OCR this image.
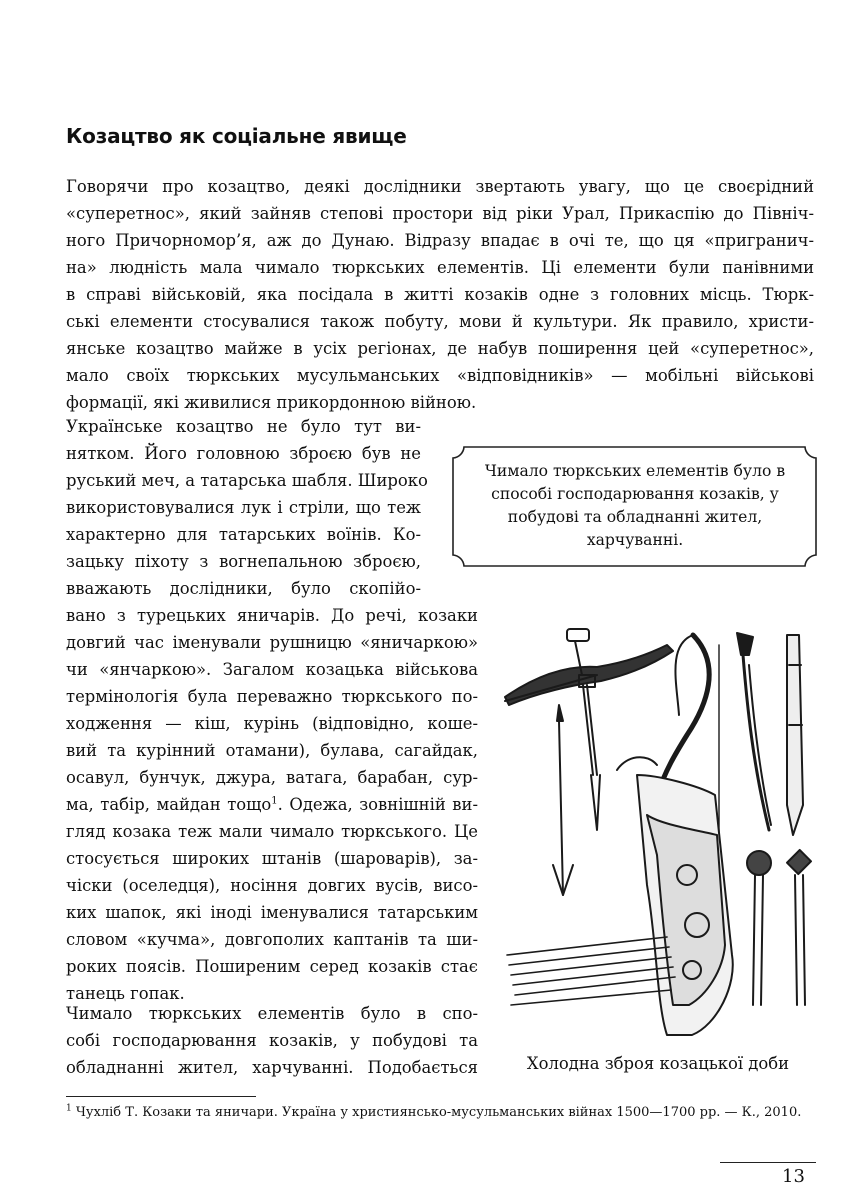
Козацтво як соціальне явище
Говорячи про козацтво, деякі дослідники звертають увагу, що це своєрідний
«суперетнос», який зайняв степові простори від ріки Урал, Прикаспію до Північ-
ного Причорномор’я, аж до Дунаю. Відразу впадає в очі те, що ця «пригранич-
на» людність мала чимало тюркських елементів. Ці елементи були панівними
в справі військовій, яка посідала в житті козаків одне з головних місць. Тюрк-
ські елементи стосувалися також побуту, мови й культури. Як правило, христи-
янське козацтво майже в усіх регіонах, де набув поширення цей «суперетнос»,
мало своїх тюркських мусульманських «відповідників» — мобільні військові
формації, які живилися прикордонною війною.
Українське козацтво не було тут ви-
нятком. Його головною зброєю був не
руський меч, а татарська шабля. Широко
використовувалися лук і стріли, що теж
характерно для татарських воїнів. Ко-
зацьку піхоту з вогнепальною зброєю,
вважають дослідники, було скопійо-
вано з турецьких яничарів. До речі, козаки
довгий час іменували рушницю «яничаркою»
чи «янчаркою». Загалом козацька військова
термінологія була переважно тюркського по-
ходження — кіш, курінь (відповідно, коше-
вий та курінний отамани), булава, сагайдак,
осавул, бунчук, джура, ватага, барабан, сур-
ма, табір, майдан тощо$^1$. Одежа, зовнішній ви-
гляд козака теж мали чимало тюркського. Це
стосується широких штанів (шароварів), за-
чіски (оселедця), носіння довгих вусів, висо-
ких шапок, які іноді іменувалися татарським
словом «кучма», довгополих каптанів та ши-
роких поясів. Поширеним серед козаків стає
танець гопак.
Чимало тюркських елементів було в спо-
собі господарювання козаків, у побудові та
обладнанні жител, харчуванні. Подобається
Чимало тюркських елементів було в способі господарювання козаків, у побудові та обладнанні жител, харчуванні.

Холодна зброя козацької доби

$^1$ Чухліб Т. Козаки та яничари. Україна у християнсько-мусульманських війнах 1500—1700 рр. — К., 2010.

13
